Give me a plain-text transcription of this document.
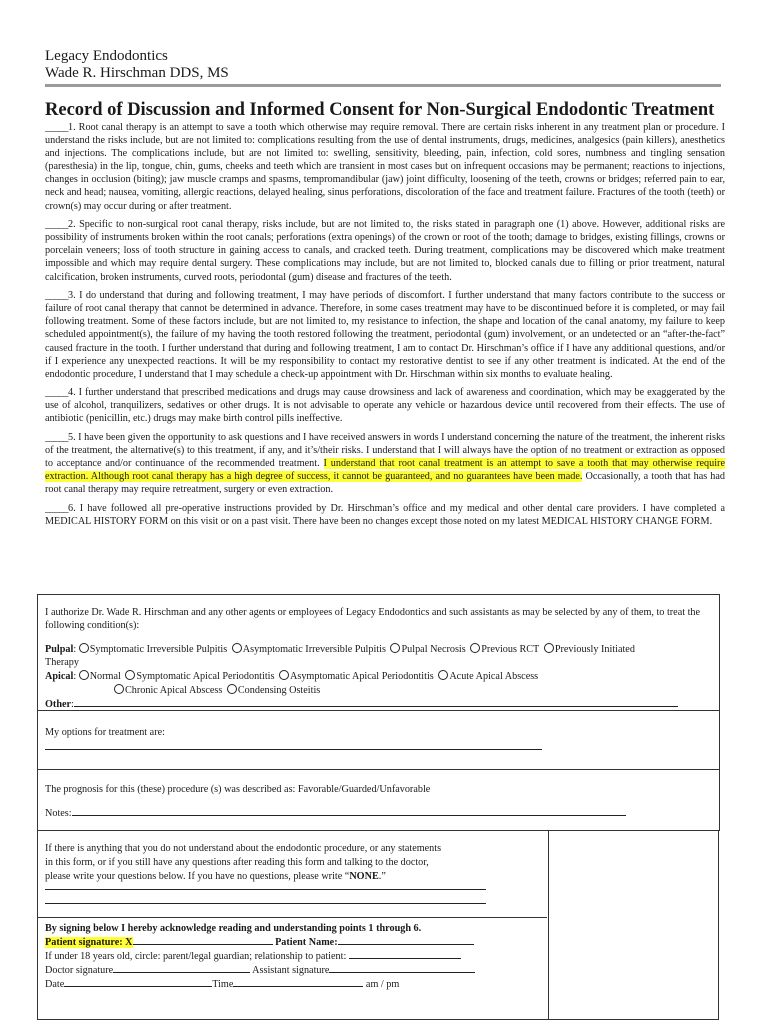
Legacy Endodontics
Wade R. Hirschman DDS, MS
Record of Discussion and Informed Consent for Non-Surgical Endodontic Treatment

_____1. Root canal therapy is an attempt to save a tooth which otherwise may require removal. There are certain risks inherent in any treatment plan or procedure. I understand the risks include, but are not limited to: complications resulting from the use of dental instruments, drugs, medicines, analgesics (pain killers), anesthetics and injections. The complications include, but are not limited to: swelling, sensitivity, bleeding, pain, infection, cold sores, numbness and tingling sensation (paresthesia) in the lip, tongue, chin, gums, cheeks and teeth which are transient in most cases but on infrequent occasions may be permanent; reactions to injections, changes in occlusion (biting); jaw muscle cramps and spasms, tempromandibular (jaw) joint difficulty, loosening of the teeth, crowns or bridges; referred pain to ear, neck and head; nausea, vomiting, allergic reactions, delayed healing, sinus perforations, discoloration of the face and treatment failure. Fractures of the tooth (teeth) or crown(s) may occur during or after treatment.

_____2. Specific to non-surgical root canal therapy, risks include, but are not limited to, the risks stated in paragraph one (1) above. However, additional risks are possibility of instruments broken within the root canals; perforations (extra openings) of the crown or root of the tooth; damage to bridges, existing fillings, crowns or porcelain veneers; loss of tooth structure in gaining access to canals, and cracked teeth. During treatment, complications may be discovered which make treatment impossible and which may require dental surgery. These complications may include, but are not limited to, blocked canals due to filling or prior treatment, natural calcification, broken instruments, curved roots, periodontal (gum) disease and fractures of the teeth.

_____3. I do understand that during and following treatment, I may have periods of discomfort. I further understand that many factors contribute to the success or failure of root canal therapy that cannot be determined in advance. Therefore, in some cases treatment may have to be discontinued before it is completed, or may fail following treatment. Some of these factors include, but are not limited to, my resistance to infection, the shape and location of the canal anatomy, my failure to keep scheduled appointment(s), the failure of my having the tooth restored following the treatment, periodontal (gum) involvement, or an undetected or an “after-the-fact” caused fracture in the tooth. I further understand that during and following treatment, I am to contact Dr. Hirschman’s office if I have any additional questions, and/or if I experience any unexpected reactions. It will be my responsibility to contact my restorative dentist to see if any other treatment is indicated. At the end of the endodontic procedure, I understand that I may schedule a check-up appointment with Dr. Hirschman within six months to evaluate healing.

_____4. I further understand that prescribed medications and drugs may cause drowsiness and lack of awareness and coordination, which may be exaggerated by the use of alcohol, tranquilizers, sedatives or other drugs. It is not advisable to operate any vehicle or hazardous device until recovered from their effects. The use of antibiotic (penicillin, etc.) drugs may make birth control pills ineffective.

_____5. I have been given the opportunity to ask questions and I have received answers in words I understand concerning the nature of the treatment, the inherent risks of the treatment, the alternative(s) to this treatment, if any, and it’s/their risks. I understand that I will always have the option of no treatment or extraction as opposed to acceptance and/or continuance of the recommended treatment. I understand that root canal treatment is an attempt to save a tooth that may otherwise require extraction. Although root canal therapy has a high degree of success, it cannot be guaranteed, and no guarantees have been made. Occasionally, a tooth that has had root canal therapy may require retreatment, surgery or even extraction.

_____6. I have followed all pre-operative instructions provided by Dr. Hirschman’s office and my medical and other dental care providers. I have completed a MEDICAL HISTORY FORM on this visit or on a past visit. There have been no changes except those noted on my latest MEDICAL HISTORY CHANGE FORM.

I authorize Dr. Wade R. Hirschman and any other agents or employees of Legacy Endodontics and such assistants as may be selected by any of them, to treat the following condition(s):
Pulpal: Symptomatic Irreversible Pulpitis Asymptomatic Irreversible Pulpitis Pulpal Necrosis Previous RCT Previously Initiated
Therapy
Apical: Normal Symptomatic Apical Periodontitis Asymptomatic Apical Periodontitis Acute Apical Abscess
Chronic Apical Abscess Condensing Osteitis
Other:
My options for treatment are:
The prognosis for this (these) procedure (s) was described as: Favorable/Guarded/Unfavorable
Notes:
If there is anything that you do not understand about the endodontic procedure, or any statements
in this form, or if you still have any questions after reading this form and talking to the doctor,
please write your questions below. If you have no questions, please write “NONE.”
By signing below I hereby acknowledge reading and understanding points 1 through 6.
Patient signature: X	Patient Name:
If under 18 years old, circle: parent/legal guardian; relationship to patient:
Doctor signature	Assistant signature
Date	Time	am / pm
